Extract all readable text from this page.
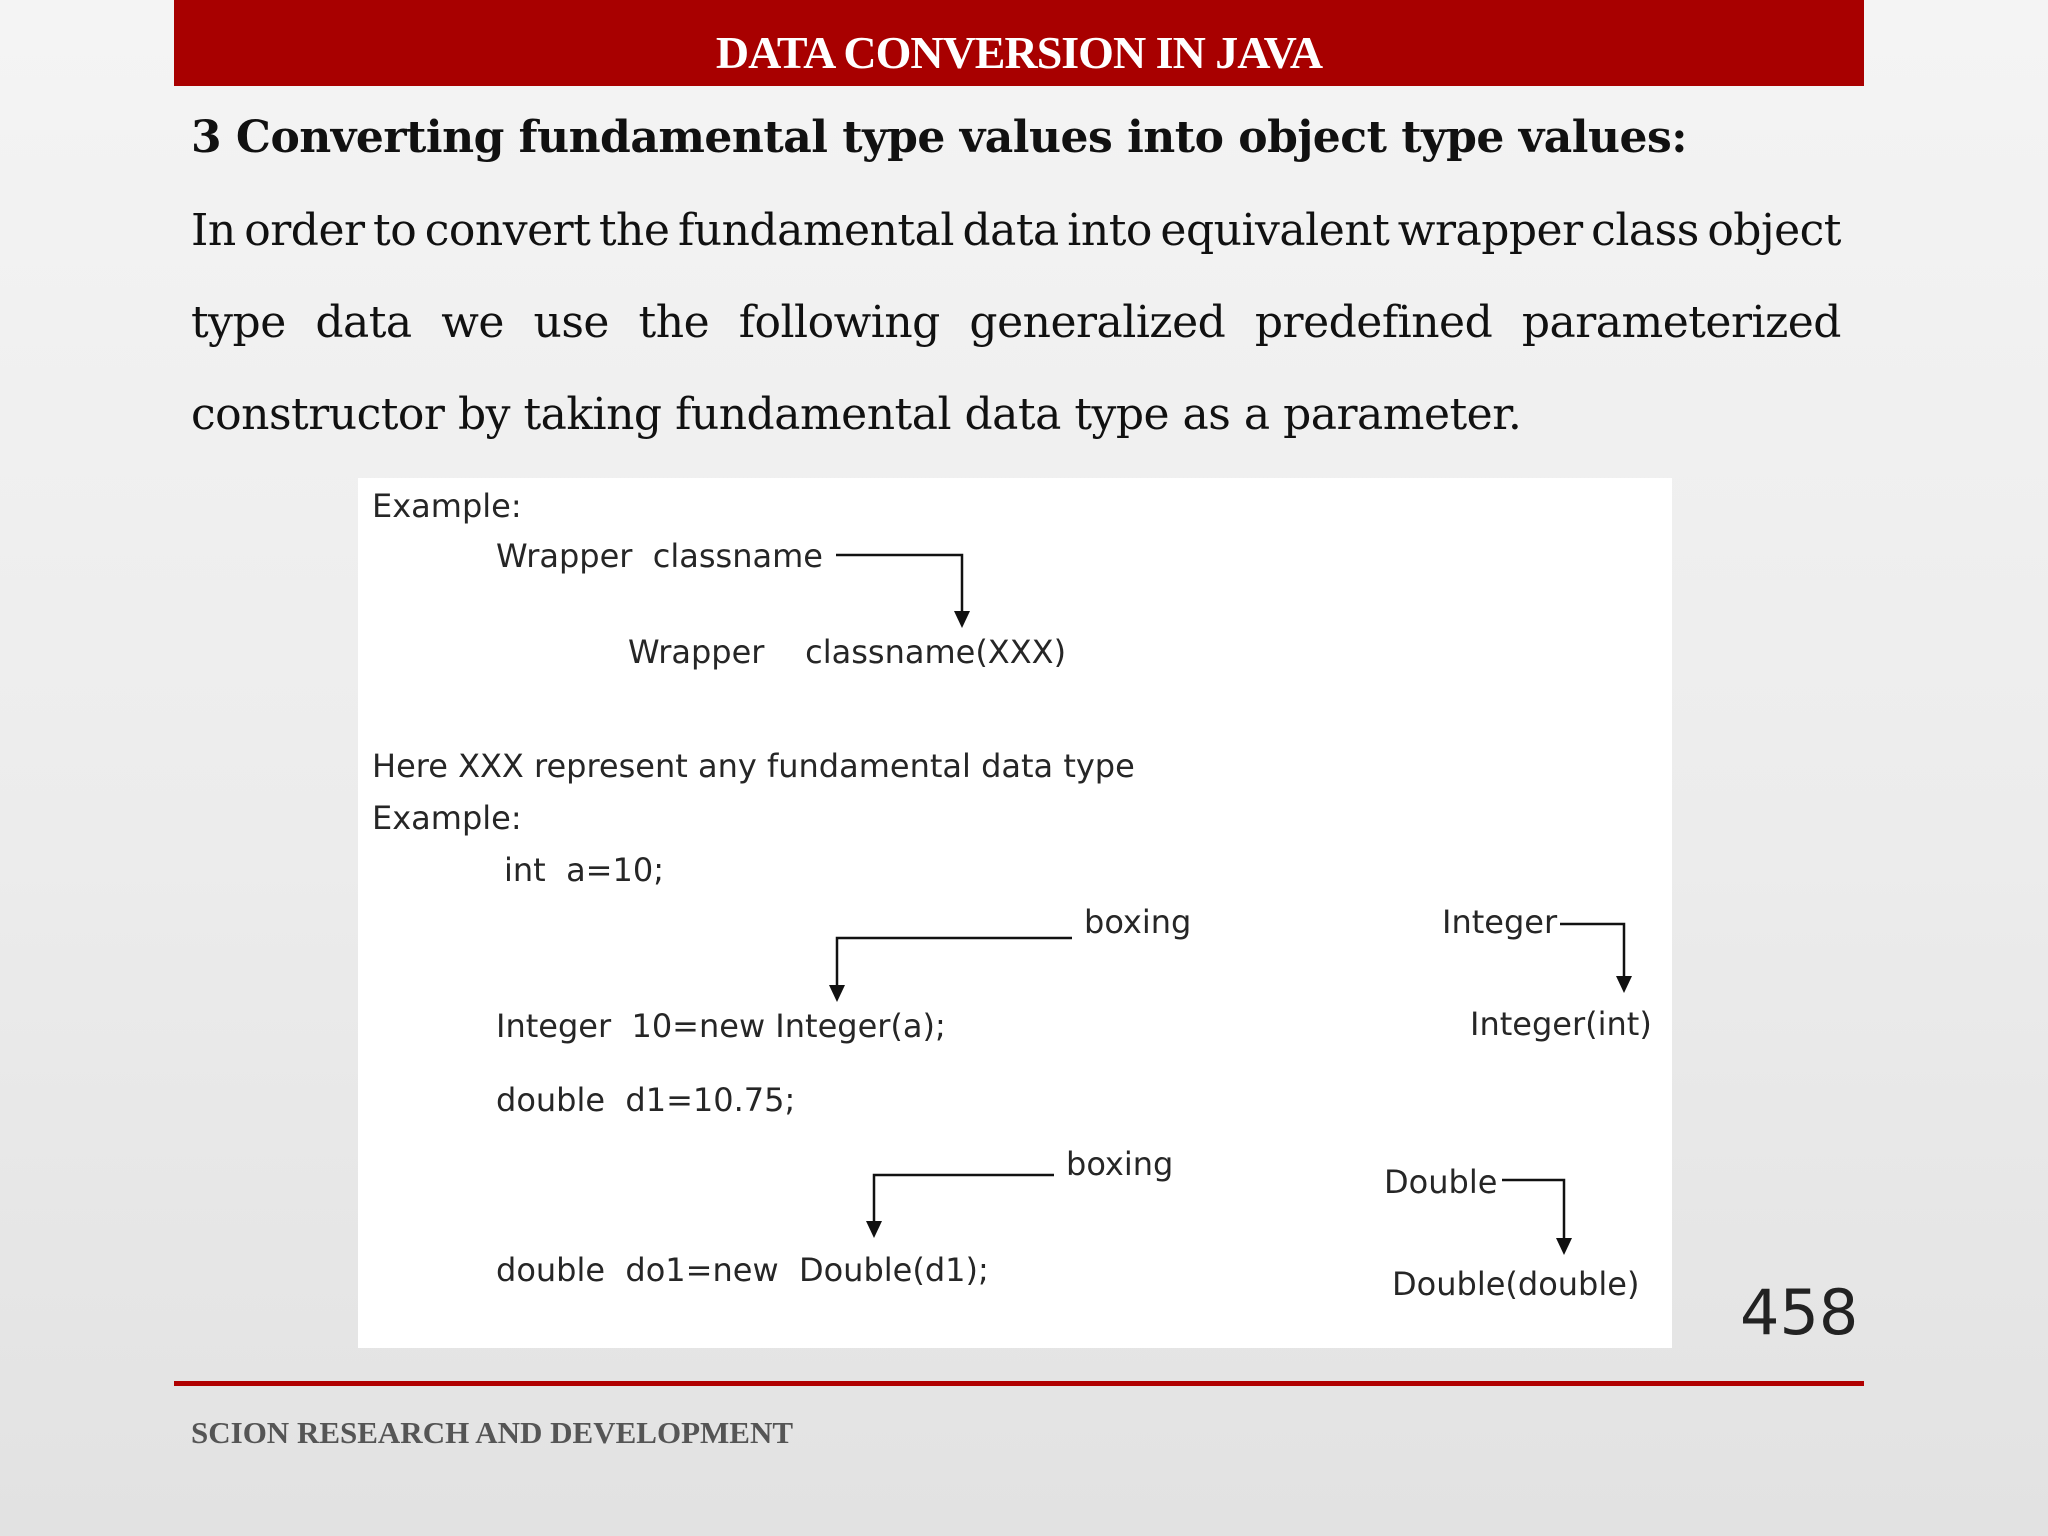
DATA CONVERSION IN JAVA
3 Converting fundamental type values into object type values:
In order to convert the fundamental data into equivalent wrapper class object
type data we use the following generalized predefined parameterized
constructor by taking fundamental data type as a parameter.
Example:
Wrapper  classname
Wrapper    classname(XXX)
Here XXX represent any fundamental data type
Example:
int  a=10;
boxing	Integer
Integer  10=new Integer(a);	Integer(int)
double  d1=10.75;
boxing	Double
double  do1=new  Double(d1);	Double(double) 458
SCION RESEARCH AND DEVELOPMENT
